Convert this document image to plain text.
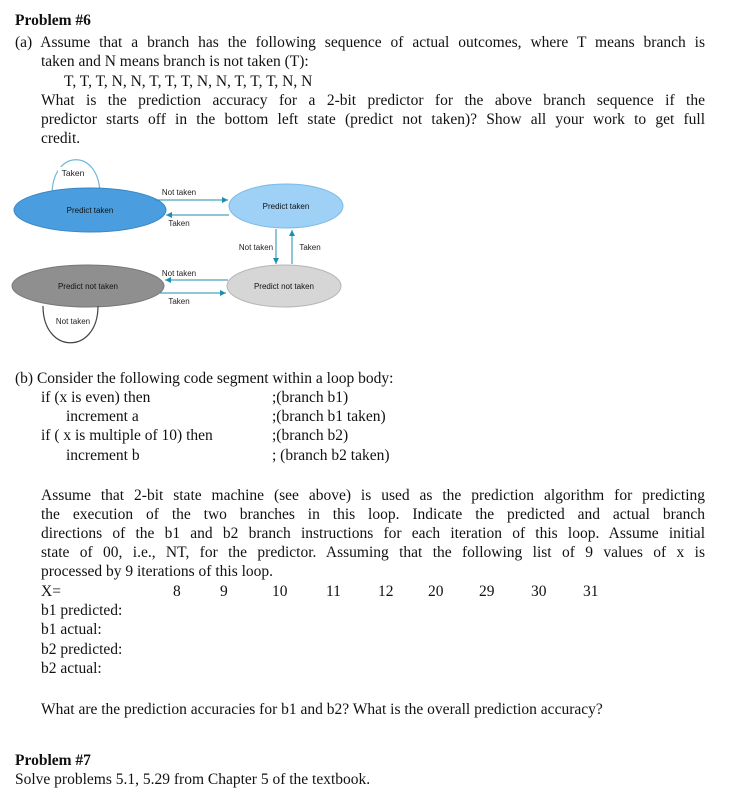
Problem #6
(a) Assume that a branch has the following sequence of actual outcomes, where T means branch is
taken and N means branch is not taken (T):
T, T, T, N, N, T, T, T, N, N, T, T, T, N, N
What is the prediction accuracy for a 2-bit predictor for the above branch sequence if the
predictor starts off in the bottom left state (predict not taken)? Show all your work to get full
credit.
Taken
Predict taken	Predict taken
Predict not taken	Predict not taken
Not taken
Taken
Not taken	Taken
Not taken
Taken
Not taken
(b) Consider the following code segment within a loop body:
if (x is even) then	;(branch b1)
increment a	;(branch b1 taken)
if ( x is multiple of 10) then	;(branch b2)
increment b	; (branch b2 taken)
Assume that 2-bit state machine (see above) is used as the prediction algorithm for predicting
the execution of the two branches in this loop. Indicate the predicted and actual branch
directions of the b1 and b2 branch instructions for each iteration of this loop. Assume initial
state of 00, i.e., NT, for the predictor. Assuming that the following list of 9 values of x is
processed by 9 iterations of this loop.
X=	8	9	10 11 12 20 29 30 31
b1 predicted:
b1 actual:
b2 predicted:
b2 actual:
What are the prediction accuracies for b1 and b2? What is the overall prediction accuracy?
Problem #7
Solve problems 5.1, 5.29 from Chapter 5 of the textbook.
